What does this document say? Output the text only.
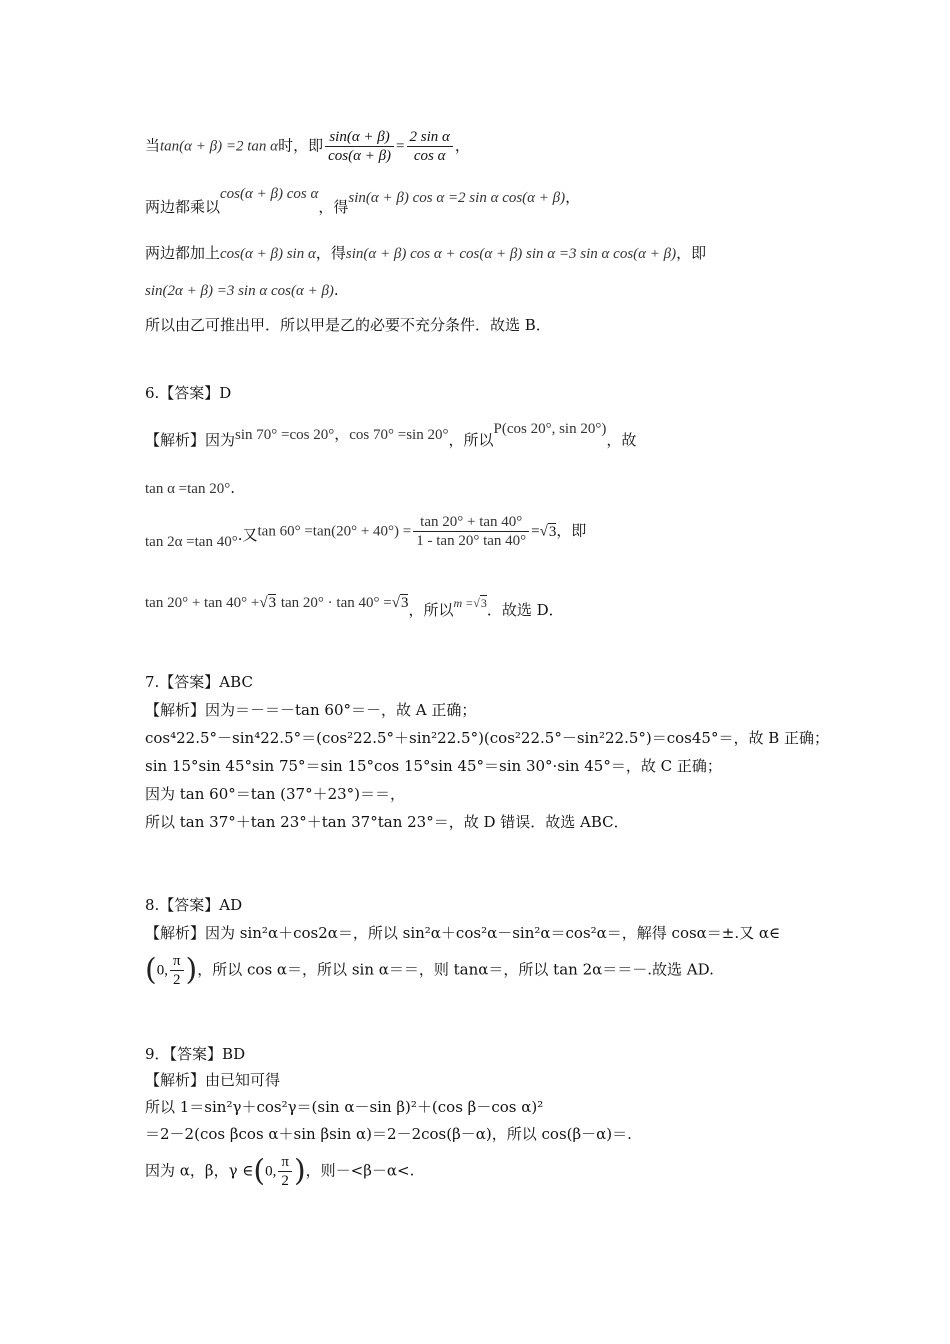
当tan(α + β) =2 tan α时，即 $\frac{\sin(\alpha + \beta)}{\cos(\alpha + \beta)} = \frac{\text{2 sin α}}{\text{cos α}}$ ，
两边都乘以cos(α + β) cos α，得sin(α + β) cos α =2 sin α cos(α + β)，
两边都加上cos(α + β) sin α，得sin(α + β) cos α + cos(α + β) sin α =3 sin α cos(α + β)，即
sin(2α + β) =3 sin α cos(α + β).
所以由乙可推出甲．所以甲是乙的必要不充分条件．故选 B．
6.【答案】D
【解析】因为sin 70° =cos 20°，cos 70° =sin 20°，所以P(cos 20°, sin 20°)，故
tan α =tan 20°.
tan 2α =tan 40°.又$\tan 60^\circ =\tan(20^\circ + 40^\circ) = \frac{\tan 20^\circ + \tan 40^\circ}{1 - \tan 20^\circ \tan 40^\circ} =√3$，即
tan 20° + tan 40° +√3 tan 20° · tan 40° =√3，所以m =√3．故选 D．
7.【答案】ABC
【解析】因为＝－＝－tan 60°＝－，故 A 正确；
cos⁴22.5°－sin⁴22.5°＝(cos²22.5°＋sin²22.5°)(cos²22.5°－sin²22.5°)＝cos45°＝，故 B 正确；
sin 15°sin 45°sin 75°＝sin 15°cos 15°sin 45°＝sin 30°·sin 45°＝，故 C 正确；
因为 tan 60°＝tan (37°＋23°)＝＝，
所以 tan 37°＋tan 23°＋tan 37°tan 23°＝，故 D 错误．故选 ABC．
8.【答案】AD
【解析】因为 sin²α＋cos2α＝，所以 sin²α＋cos²α－sin²α＝cos²α＝，解得 cosα＝±.又 α∈
(0, $\frac{\pi}{2}$ )，所以 cos α＝，所以 sin α＝＝，则 tanα＝，所以 tan 2α＝＝－.故选 AD.
9．【答案】BD
【解析】由已知可得
所以 1＝sin²γ＋cos²γ＝(sin α－sin β)²＋(cos β－cos α)²
＝2－2(cos βcos α＋sin βsin α)＝2－2cos(β－α)，所以 cos(β－α)＝.
因为 α，β，γ ∈(0, $\frac{\pi}{2}$ )，则－<β－α<.
